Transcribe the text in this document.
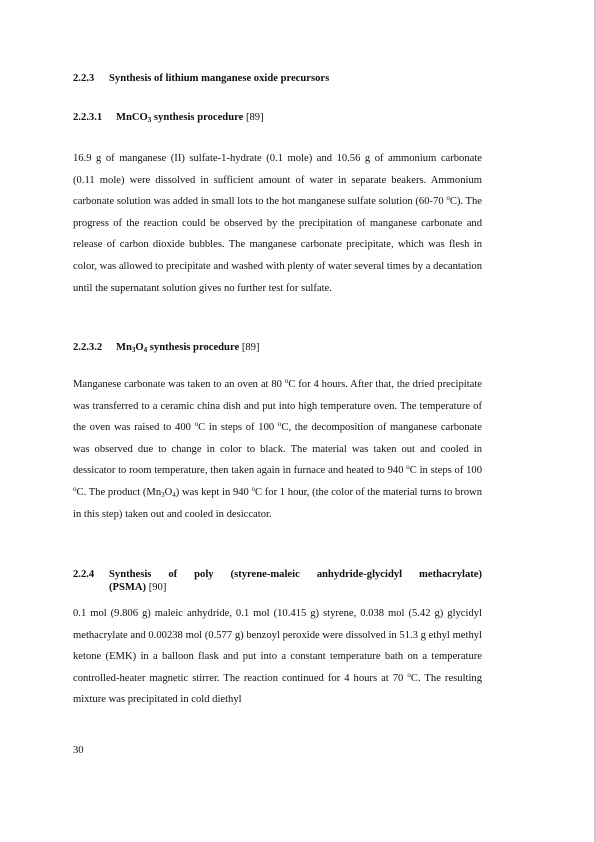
2.2.3 Synthesis of lithium manganese oxide precursors
2.2.3.1 MnCO$_3$ synthesis procedure [89]

16.9 g of manganese (II) sulfate-1-hydrate (0.1 mole) and 10.56 g of ammonium carbonate (0.11 mole) were dissolved in sufficient amount of water in separate beakers. Ammonium carbonate solution was added in small lots to the hot manganese sulfate solution (60-70 $^o$C). The progress of the reaction could be observed by the precipitation of manganese carbonate and release of carbon dioxide bubbles. The manganese carbonate precipitate, which was flesh in color, was allowed to precipitate and washed with plenty of water several times by a decantation until the supernatant solution gives no further test for sulfate.

2.2.3.2 $Mn_3O_4$ synthesis procedure [89]

Manganese carbonate was taken to an oven at 80 $^o$C for 4 hours. After that, the dried precipitate was transferred to a ceramic china dish and put into high temperature oven. The temperature of the oven was raised to 400 $^o$C in steps of 100 $^o$C, the decomposition of manganese carbonate was observed due to change in color to black. The material was taken out and cooled in dessicator to room temperature, then taken again in furnace and heated to 940 $^o$C in steps of 100 $^o$C. The product $(Mn_3O_4)$ was kept in 940 $^o$C for 1 hour, (the color of the material turns to brown in this step) taken out and cooled in desiccator.

2.2.4 Synthesis of poly (styrene-maleic anhydride-glycidyl methacrylate)
(PSMA) [90]

0.1 mol (9.806 g) maleic anhydride, 0.1 mol (10.415 g) styrene, 0.038 mol (5.42 g) glycidyl methacrylate and 0.00238 mol (0.577 g) benzoyl peroxide were dissolved in 51.3 g ethyl methyl ketone (EMK) in a balloon flask and put into a constant temperature bath on a temperature controlled-heater magnetic stirrer. The reaction continued for 4 hours at 70 $^o$C. The resulting mixture was precipitated in cold diethyl

30
